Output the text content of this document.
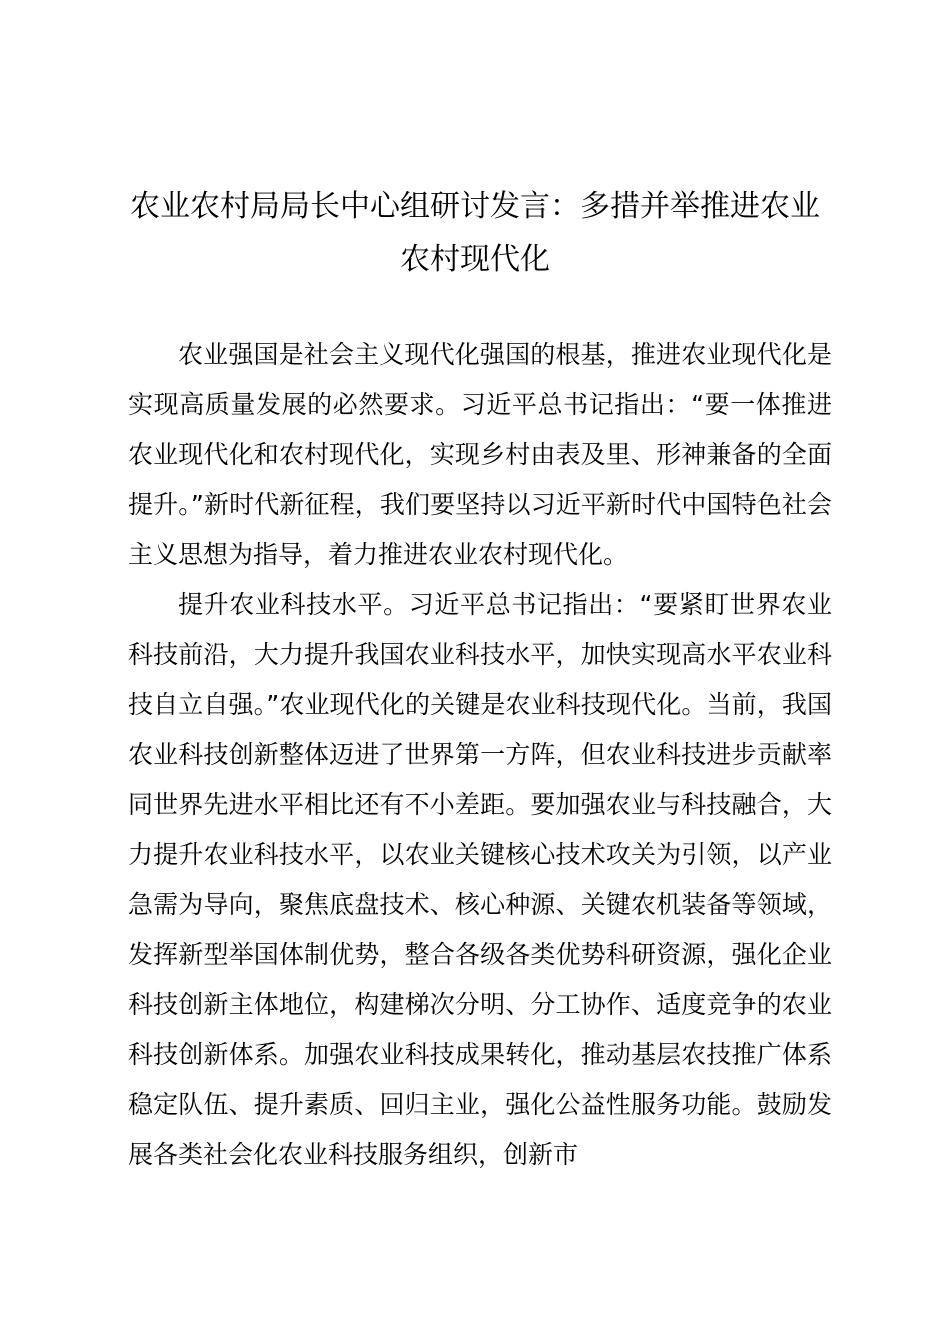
农业农村局局长中心组研讨发言：多措并举推进农业农村现代化

农业强国是社会主义现代化强国的根基，推进农业现代化是实现高质量发展的必然要求。习近平总书记指出：“要一体推进农业现代化和农村现代化，实现乡村由表及里、形神兼备的全面提升。”新时代新征程，我们要坚持以习近平新时代中国特色社会主义思想为指导，着力推进农业农村现代化。

提升农业科技水平。习近平总书记指出：“要紧盯世界农业科技前沿，大力提升我国农业科技水平，加快实现高水平农业科技自立自强。”农业现代化的关键是农业科技现代化。当前，我国农业科技创新整体迈进了世界第一方阵，但农业科技进步贡献率同世界先进水平相比还有不小差距。要加强农业与科技融合，大力提升农业科技水平，以农业关键核心技术攻关为引领，以产业急需为导向，聚焦底盘技术、核心种源、关键农机装备等领域，发挥新型举国体制优势，整合各级各类优势科研资源，强化企业科技创新主体地位，构建梯次分明、分工协作、适度竞争的农业科技创新体系。加强农业科技成果转化，推动基层农技推广体系稳定队伍、提升素质、回归主业，强化公益性服务功能。鼓励发展各类社会化农业科技服务组织，创新市
